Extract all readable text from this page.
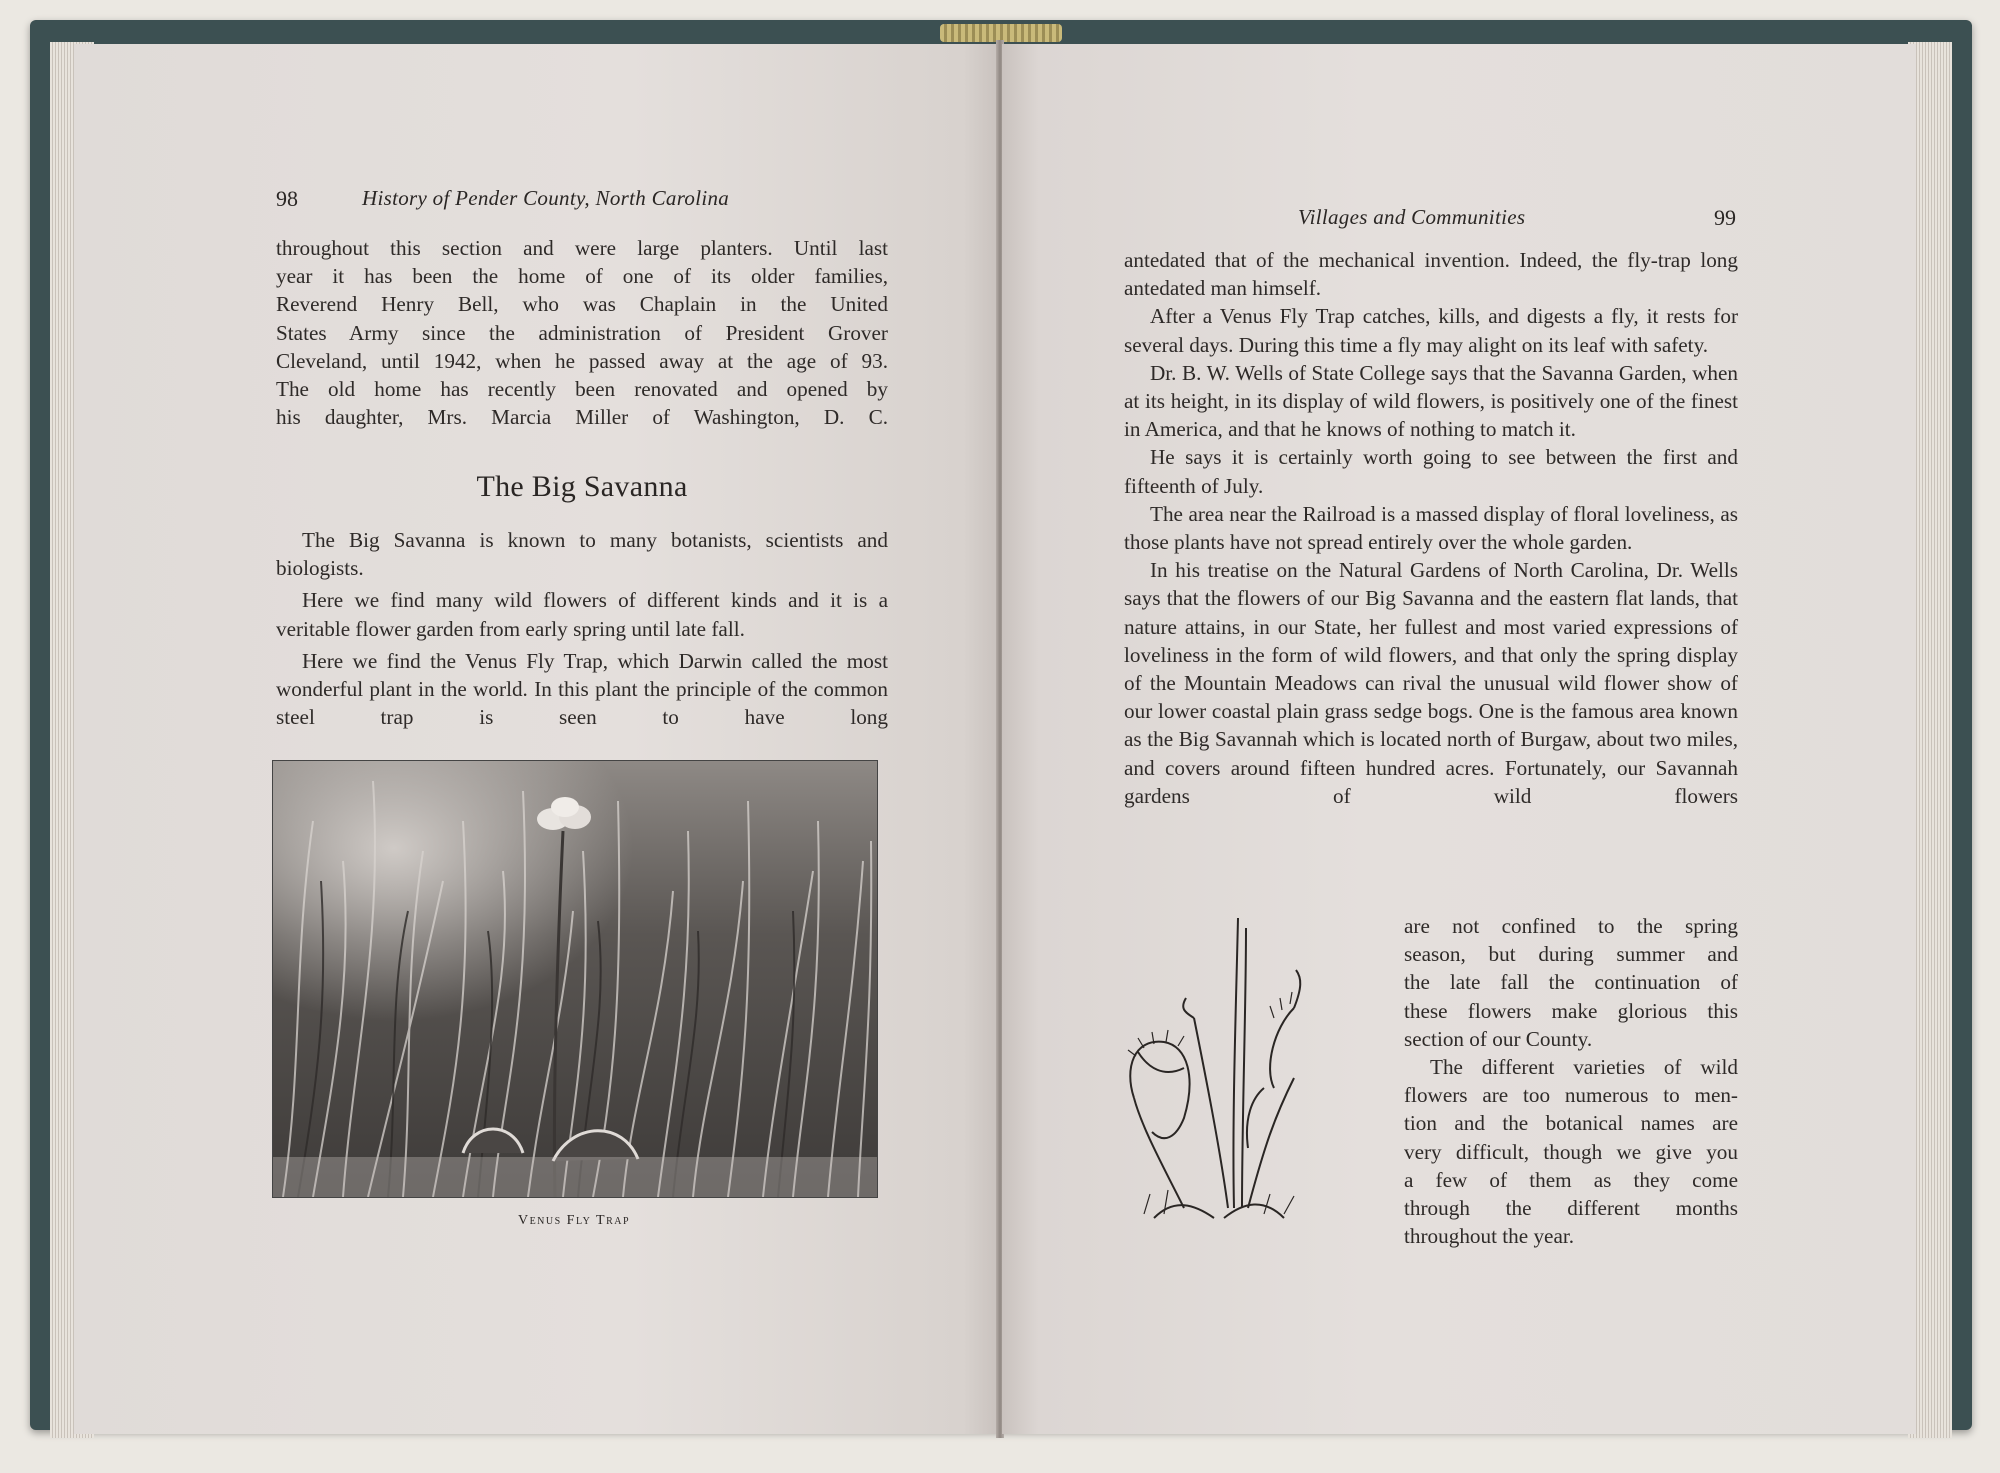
98	History of Pender County, North Carolina
throughout this section and were large planters. Until last
year it has been the home of one of its older families,
Reverend Henry Bell, who was Chaplain in the United
States Army since the administration of President Grover
Cleveland, until 1942, when he passed away at the age of 93.
The old home has recently been renovated and opened by
his daughter, Mrs. Marcia Miller of Washington, D. C.
The Big Savanna

The Big Savanna is known to many botanists, scientists and biologists.

Here we find many wild flowers of different kinds and it is a veritable flower garden from early spring until late fall.

Here we find the Venus Fly Trap, which Darwin called the most wonderful plant in the world. In this plant the principle of the common steel trap is seen to have long

Venus Fly Trap
Villages and Communities	99

antedated that of the mechanical invention. Indeed, the fly-trap long antedated man himself.

After a Venus Fly Trap catches, kills, and digests a fly, it rests for several days. During this time a fly may alight on its leaf with safety.

Dr. B. W. Wells of State College says that the Savanna Garden, when at its height, in its display of wild flowers, is positively one of the finest in America, and that he knows of nothing to match it.

He says it is certainly worth going to see between the first and fifteenth of July.

The area near the Railroad is a massed display of floral loveliness, as those plants have not spread entirely over the whole garden.

In his treatise on the Natural Gardens of North Carolina, Dr. Wells says that the flowers of our Big Savanna and the eastern flat lands, that nature attains, in our State, her fullest and most varied expressions of loveliness in the form of wild flowers, and that only the spring display of the Mountain Meadows can rival the unusual wild flower show of our lower coastal plain grass sedge bogs. One is the famous area known as the Big Savannah which is located north of Burgaw, about two miles, and covers around fifteen hundred acres. Fortunately, our Savannah gardens of wild flowers

are not confined to the spring
season, but during summer and
the late fall the continuation of
these flowers make glorious this
section of our County.
The different varieties of wild
flowers are too numerous to men-
tion and the botanical names are
very difficult, though we give you
a few of them as they come
through the different months
throughout the year.
